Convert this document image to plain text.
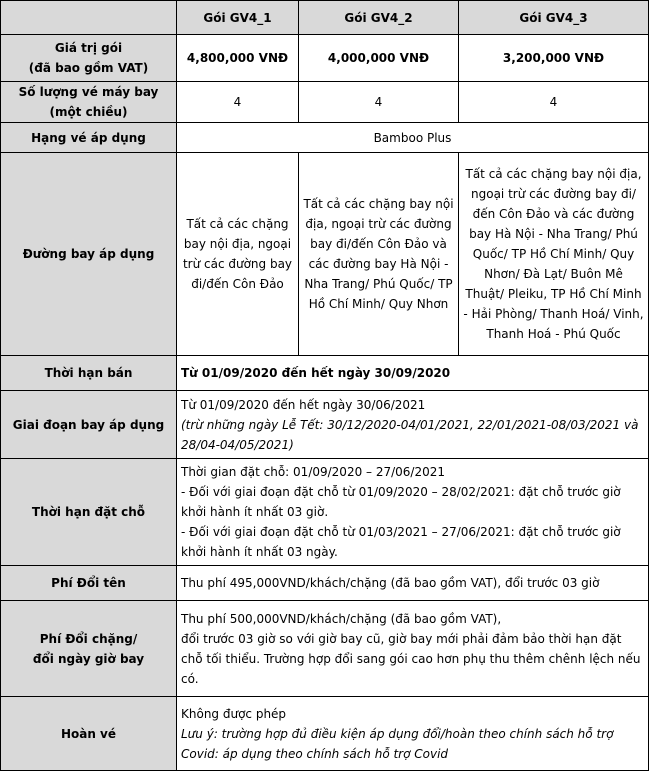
	Gói GV4_1	Gói GV4_2	Gói GV4_3

Giá trị gói
(đã bao gồm VAT)	4,800,000 VNĐ	4,000,000 VNĐ	3,200,000 VNĐ

Số lượng vé máy bay
(một chiều)	4	4	4
Hạng vé áp dụng	Bamboo Plus		
Đường bay áp dụng	Tất cả các chặng bay nội địa, ngoại trừ các đường bay đi/đến Côn Đảo	Tất cả các chặng bay nội địa, ngoại trừ các đường bay đi/đến Côn Đảo và các đường bay Hà Nội - Nha Trang/ Phú Quốc/ TP Hồ Chí Minh/ Quy Nhơn	Tất cả các chặng bay nội địa, ngoại trừ các đường bay đi/đến Côn Đảo và các đường bay Hà Nội - Nha Trang/ Phú Quốc/ TP Hồ Chí Minh/ Quy Nhơn/ Đà Lạt/ Buôn Mê Thuật/ Pleiku, TP Hồ Chí Minh - Hải Phòng/ Thanh Hoá/ Vinh, Thanh Hoá - Phú Quốc
Thời hạn bán	Từ 01/09/2020 đến hết ngày 30/09/2020		
Giai đoạn bay áp dụng	Từ 01/09/2020 đến hết ngày 30/06/2021
(trừ những ngày Lễ Tết: 30/12/2020-04/01/2021, 22/01/2021-08/03/2021 và 28/04-04/05/2021)		

Thời hạn đặt chỗ	Thời gian đặt chỗ: 01/09/2020 – 27/06/2021
- Đối với giai đoạn đặt chỗ từ 01/09/2020 – 28/02/2021: đặt chỗ trước giờ khởi hành ít nhất 03 giờ.
- Đối với giai đoạn đặt chỗ từ 01/03/2021 – 27/06/2021: đặt chỗ trước giờ khởi hành ít nhất 03 ngày.		

Phí Đổi tên	Thu phí 495,000VND/khách/chặng (đã bao gồm VAT), đổi trước 03 giờ		

Phí Đổi chặng/
đổi ngày giờ bay	Thu phí 500,000VND/khách/chặng (đã bao gồm VAT),
đổi trước 03 giờ so với giờ bay cũ, giờ bay mới phải đảm bảo thời hạn đặt chỗ tối thiểu. Trường hợp đổi sang gói cao hơn phụ thu thêm chênh lệch nếu có.		

Hoàn vé	Không được phép
Lưu ý: trường hợp đủ điều kiện áp dụng đổi/hoàn theo chính sách hỗ trợ Covid: áp dụng theo chính sách hỗ trợ Covid		
